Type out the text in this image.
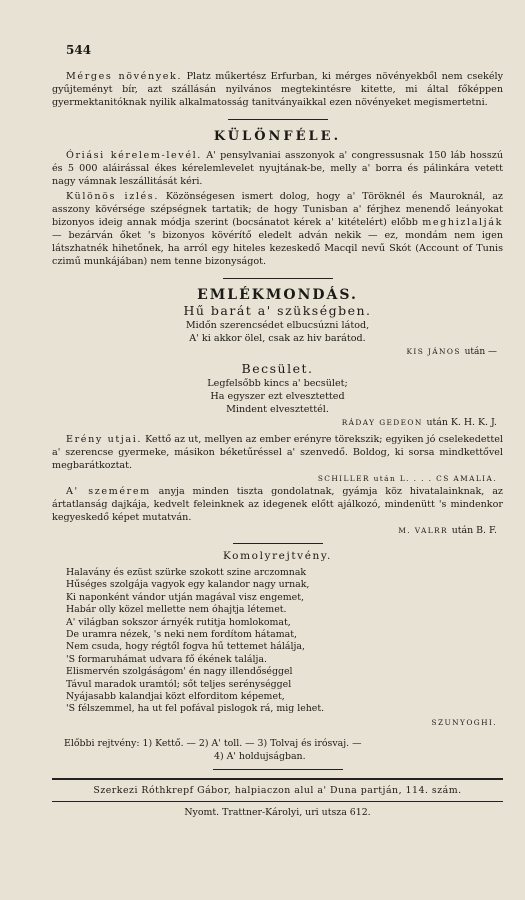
544

Mérges növények. Platz műkertész Erfurban, ki mérges növényekből nem csekély gyűjteményt bír, azt szállásán nyilvános megtekintésre kitette, mi által főképpen gyermektanitóknak nyilik alkalmatosság tanitványaikkal ezen növényeket megismertetni.

KÜLÖNFÉLE.

Óriási kérelem-levél. A' pensylvaniai asszonyok a' congressusnak 150 láb hosszú és 5 000 aláirással ékes kérelemlevelet nyujtának-be, melly a' borra és pálinkára vetett nagy vámnak leszállitását kéri.

Különös izlés. Közönségesen ismert dolog, hogy a' Töröknél és Mauroknál, az asszony kövérsége szépségnek tartatik; de hogy Tunisban a' férjhez menendő leányokat bizonyos ideig annak módja szerint (bocsánatot kérek a' kitételért) előbb meghizlalják — bezárván őket 's bizonyos kövérítő eledelt adván nekik — ez, mondám nem igen látszhatnék hihetőnek, ha arról egy hiteles kezeskedő Macqil nevű Skót (Account of Tunis czimű munkájában) nem tenne bizonyságot.

EMLÉKMONDÁS.
Hű barát a' szükségben.
Midőn szerencsédet elbucsúzni látod,
A' ki akkor ölel, csak az hiv barátod.
KIS JÁNOS után —
Becsület.
Legfelsőbb kincs a' becsület;
Ha egyszer ezt elvesztetted
Mindent elvesztettél.
RÁDAY GEDEON után K. H. K. J.

Erény utjai. Kettő az ut, mellyen az ember erényre törekszik; egyiken jó cselekedettel a' szerencse gyermeke, másikon béketűréssel a' szenvedő. Boldog, ki sorsa mindkettővel megbarátkoztat.

SCHILLER után L. . . . CS AMALIA.

A' szemérem anyja minden tiszta gondolatnak, gyámja köz hivatalainknak, az ártatlanság dajkája, kedvelt feleinknek az idegenek előtt ajálkozó, mindenütt 's mindenkor kegyeskedő képet mutatván.

M. VALRR után B. F.
Komolyrejtvény.
Halavány és ezüst szürke szokott szine arczomnak
Hűséges szolgája vagyok egy kalandor nagy urnak,
Ki naponként vándor utján magával visz engemet,
Habár olly közel mellette nem óhajtja létemet.
A' világban sokszor árnyék rutitja homlokomat,
De uramra nézek, 's neki nem fordítom hátamat,
Nem csuda, hogy régtől fogva hű tettemet hálálja,
'S formaruhámat udvara fő ékének találja.
Elismervén szolgáságom' én nagy illendőséggel
Távul maradok uramtól; sőt teljes serénységgel
Nyájasabb kalandjai közt elforditom képemet,
'S félszemmel, ha ut fel pofával pislogok rá, mig lehet.
SZUNYOGHI.
Előbbi rejtvény: 1) Kettő. — 2) A' toll. — 3) Tolvaj és irósvaj. —
4) A' holdujságban.
Szerkezi Róthkrepf Gábor, halpiaczon alul a' Duna partján, 114. szám.
Nyomt. Trattner-Károlyi, uri utsza 612.
